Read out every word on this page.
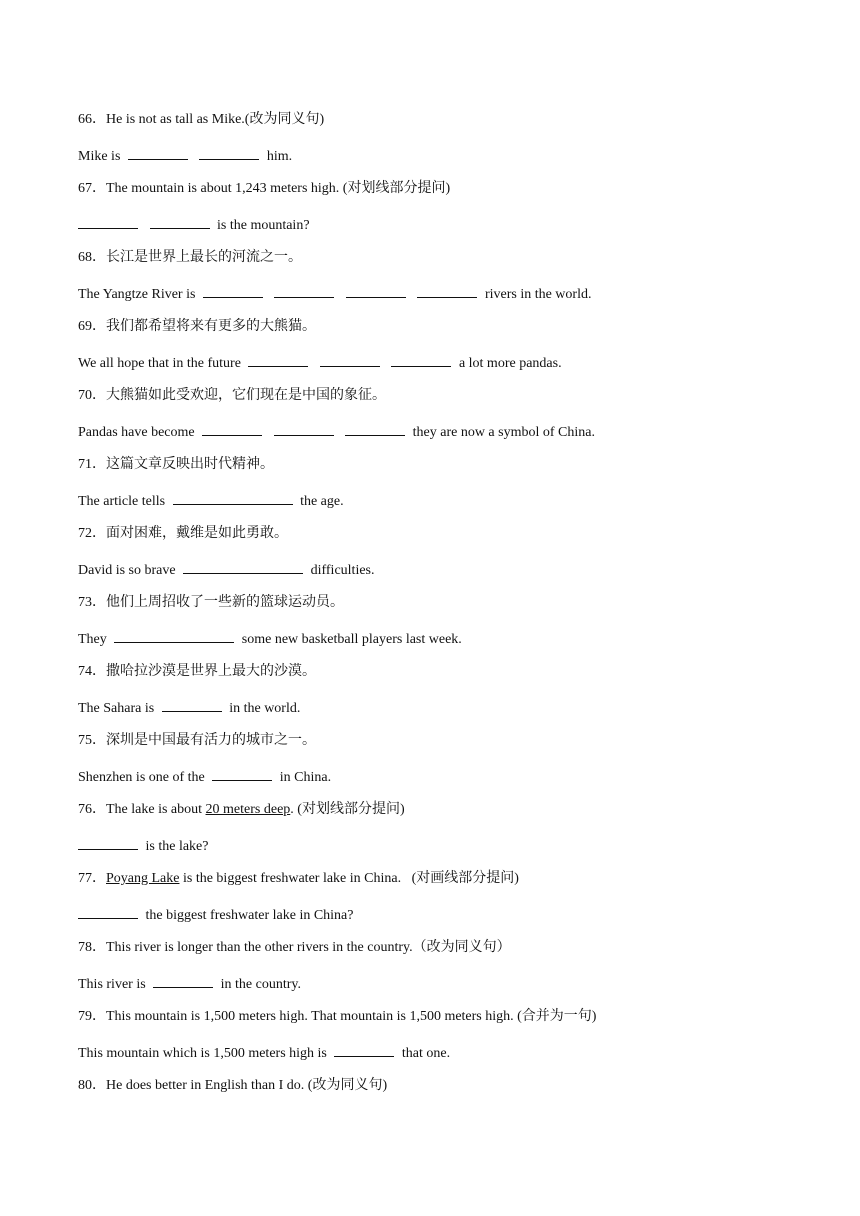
66．He is not as tall as Mike.(改为同义句)
Mike is	him.
67．The mountain is about 1,243 meters high. (对划线部分提问)
is the mountain?
68．长江是世界上最长的河流之一。
The Yangtze River is	rivers in the world.
69．我们都希望将来有更多的大熊猫。
We all hope that in the future	a lot more pandas.
70．大熊猫如此受欢迎，它们现在是中国的象征。
Pandas have become	they are now a symbol of China.
71．这篇文章反映出时代精神。
The article tells	the age.
72．面对困难，戴维是如此勇敢。
David is so brave	difficulties.
73．他们上周招收了一些新的篮球运动员。
They	some new basketball players last week.
74．撒哈拉沙漠是世界上最大的沙漠。
The Sahara is	in the world.
75．深圳是中国最有活力的城市之一。
Shenzhen is one of the	in China.
76．The lake is about 20 meters deep. (对划线部分提问)
is the lake?
77．Poyang Lake is the biggest freshwater lake in China.   (对画线部分提问)
the biggest freshwater lake in China?
78．This river is longer than the other rivers in the country.（改为同义句）
This river is	in the country.
79．This mountain is 1,500 meters high. That mountain is 1,500 meters high. (合并为一句)
This mountain which is 1,500 meters high is	that one.
80．He does better in English than I do. (改为同义句)
